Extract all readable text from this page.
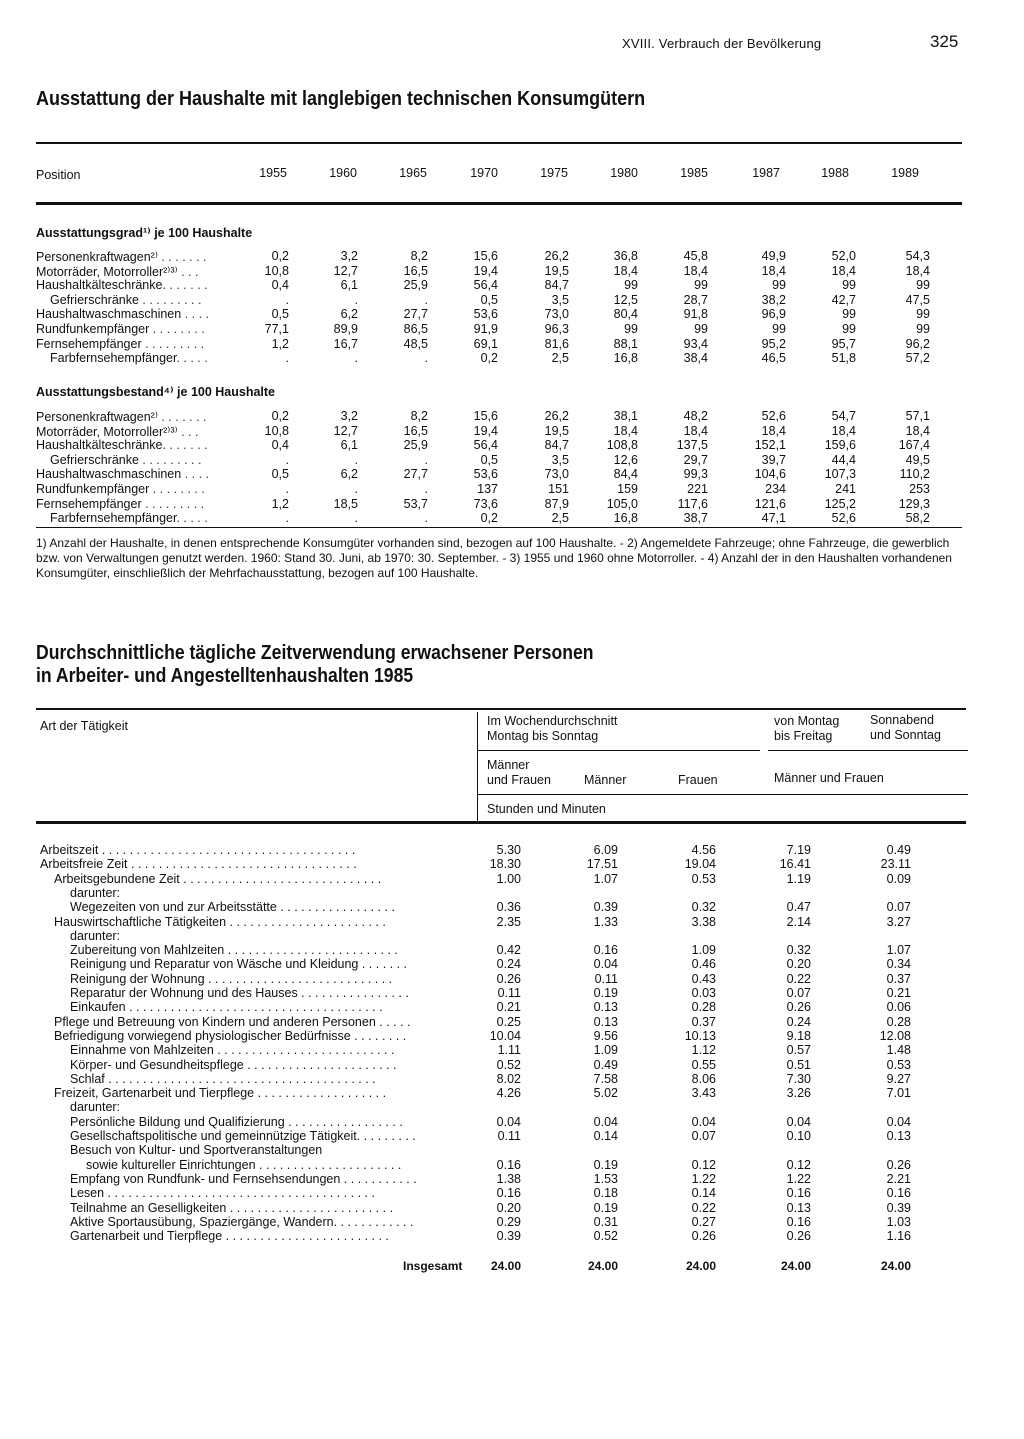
XVIII. Verbrauch der Bevölkerung	325
Ausstattung der Haushalte mit langlebigen technischen Konsumgütern
Position	1955	1960	1965	1970	1975	1980	1985	1987	1988	1989
Ausstattungsgrad¹⁾ je 100 Haushalte
Personenkraftwagen²⁾ . . . . . . .	0,2	3,2	8,2	15,6	26,2	36,8	45,8	49,9	52,0	54,3
Motorräder, Motorroller²⁾³⁾ . . .	10,8	12,7	16,5	19,4	19,5	18,4	18,4	18,4	18,4	18,4
Haushaltkälteschränke. . . . . . .	0,4	6,1	25,9	56,4	84,7	99	99	99	99	99
Gefrierschränke . . . . . . . . .	.	.	.	0,5	3,5	12,5	28,7	38,2	42,7	47,5
Haushaltwaschmaschinen . . . .	0,5	6,2	27,7	53,6	73,0	80,4	91,8	96,9	99	99
Rundfunkempfänger . . . . . . . .	77,1	89,9	86,5	91,9	96,3	99	99	99	99	99
Fernsehempfänger . . . . . . . . .	1,2	16,7	48,5	69,1	81,6	88,1	93,4	95,2	95,7	96,2
Farbfernsehempfänger. . . . .	.	.	.	0,2	2,5	16,8	38,4	46,5	51,8	57,2
Ausstattungsbestand⁴⁾ je 100 Haushalte
Personenkraftwagen²⁾ . . . . . . .	0,2	3,2	8,2	15,6	26,2	38,1	48,2	52,6	54,7	57,1
Motorräder, Motorroller²⁾³⁾ . . .	10,8	12,7	16,5	19,4	19,5	18,4	18,4	18,4	18,4	18,4
Haushaltkälteschränke. . . . . . .	0,4	6,1	25,9	56,4	84,7	108,8	137,5	152,1	159,6	167,4
Gefrierschränke . . . . . . . . .	.	.	.	0,5	3,5	12,6	29,7	39,7	44,4	49,5
Haushaltwaschmaschinen . . . .	0,5	6,2	27,7	53,6	73,0	84,4	99,3	104,6	107,3	110,2
Rundfunkempfänger . . . . . . . .	.	.	.	137	151	159	221	234	241	253
Fernsehempfänger . . . . . . . . .	1,2	18,5	53,7	73,6	87,9	105,0	117,6	121,6	125,2	129,3
Farbfernsehempfänger. . . . .	.	.	.	0,2	2,5	16,8	38,7	47,1	52,6	58,2
1) Anzahl der Haushalte, in denen entsprechende Konsumgüter vorhanden sind, bezogen auf 100 Haushalte. - 2) Angemeldete Fahrzeuge; ohne Fahrzeuge, die gewerblich bzw. von Verwaltungen genutzt werden. 1960: Stand 30. Juni, ab 1970: 30. September. - 3) 1955 und 1960 ohne Motorroller. - 4) Anzahl der in den Haushalten vorhandenen Konsumgüter, einschließlich der Mehrfachausstattung, bezogen auf 100 Haushalte.
Durchschnittliche tägliche Zeitverwendung erwachsener Personen
in Arbeiter- und Angestelltenhaushalten 1985
Art der Tätigkeit	Im Wochendurchschnitt
Montag bis Sonntag
von Montag
bis Freitag
Sonnabend
und Sonntag
Männer
und Frauen	Männer	Frauen	Männer und Frauen
Stunden und Minuten
Arbeitszeit . . . . . . . . . . . . . . . . . . . . . . . . . . . . . . . . . . . . .	5.30	6.09	4.56	7.19	0.49
Arbeitsfreie Zeit . . . . . . . . . . . . . . . . . . . . . . . . . . . . . . . . .	18.30	17.51	19.04	16.41	23.11
Arbeitsgebundene Zeit . . . . . . . . . . . . . . . . . . . . . . . . . . . . .	1.00	1.07	0.53	1.19	0.09
darunter:
Wegezeiten von und zur Arbeitsstätte . . . . . . . . . . . . . . . . .	0.36	0.39	0.32	0.47	0.07
Hauswirtschaftliche Tätigkeiten . . . . . . . . . . . . . . . . . . . . . . .	2.35	1.33	3.38	2.14	3.27
darunter:
Zubereitung von Mahlzeiten . . . . . . . . . . . . . . . . . . . . . . . . .	0.42	0.16	1.09	0.32	1.07
Reinigung und Reparatur von Wäsche und Kleidung . . . . . . .	0.24	0.04	0.46	0.20	0.34
Reinigung der Wohnung . . . . . . . . . . . . . . . . . . . . . . . . . . .	0.26	0.11	0.43	0.22	0.37
Reparatur der Wohnung und des Hauses . . . . . . . . . . . . . . . .	0.11	0.19	0.03	0.07	0.21
Einkaufen . . . . . . . . . . . . . . . . . . . . . . . . . . . . . . . . . . . . .	0.21	0.13	0.28	0.26	0.06
Pflege und Betreuung von Kindern und anderen Personen . . . . .	0.25	0.13	0.37	0.24	0.28
Befriedigung vorwiegend physiologischer Bedürfnisse . . . . . . . .	10.04	9.56	10.13	9.18	12.08
Einnahme von Mahlzeiten . . . . . . . . . . . . . . . . . . . . . . . . . .	1.11	1.09	1.12	0.57	1.48
Körper- und Gesundheitspflege . . . . . . . . . . . . . . . . . . . . . .	0.52	0.49	0.55	0.51	0.53
Schlaf . . . . . . . . . . . . . . . . . . . . . . . . . . . . . . . . . . . . . . .	8.02	7.58	8.06	7.30	9.27
Freizeit, Gartenarbeit und Tierpflege . . . . . . . . . . . . . . . . . . .	4.26	5.02	3.43	3.26	7.01
darunter:
Persönliche Bildung und Qualifizierung . . . . . . . . . . . . . . . . .	0.04	0.04	0.04	0.04	0.04
Gesellschaftspolitische und gemeinnützige Tätigkeit. . . . . . . . .	0.11	0.14	0.07	0.10	0.13
Besuch von Kultur- und Sportveranstaltungen
sowie kultureller Einrichtungen . . . . . . . . . . . . . . . . . . . . .	0.16	0.19	0.12	0.12	0.26
Empfang von Rundfunk- und Fernsehsendungen . . . . . . . . . . .	1.38	1.53	1.22	1.22	2.21
Lesen . . . . . . . . . . . . . . . . . . . . . . . . . . . . . . . . . . . . . . .	0.16	0.18	0.14	0.16	0.16
Teilnahme an Geselligkeiten . . . . . . . . . . . . . . . . . . . . . . . .	0.20	0.19	0.22	0.13	0.39
Aktive Sportausübung, Spaziergänge, Wandern. . . . . . . . . . . .	0.29	0.31	0.27	0.16	1.03
Gartenarbeit und Tierpflege . . . . . . . . . . . . . . . . . . . . . . . .	0.39	0.52	0.26	0.26	1.16
Insgesamt	24.00	24.00	24.00	24.00	24.00
